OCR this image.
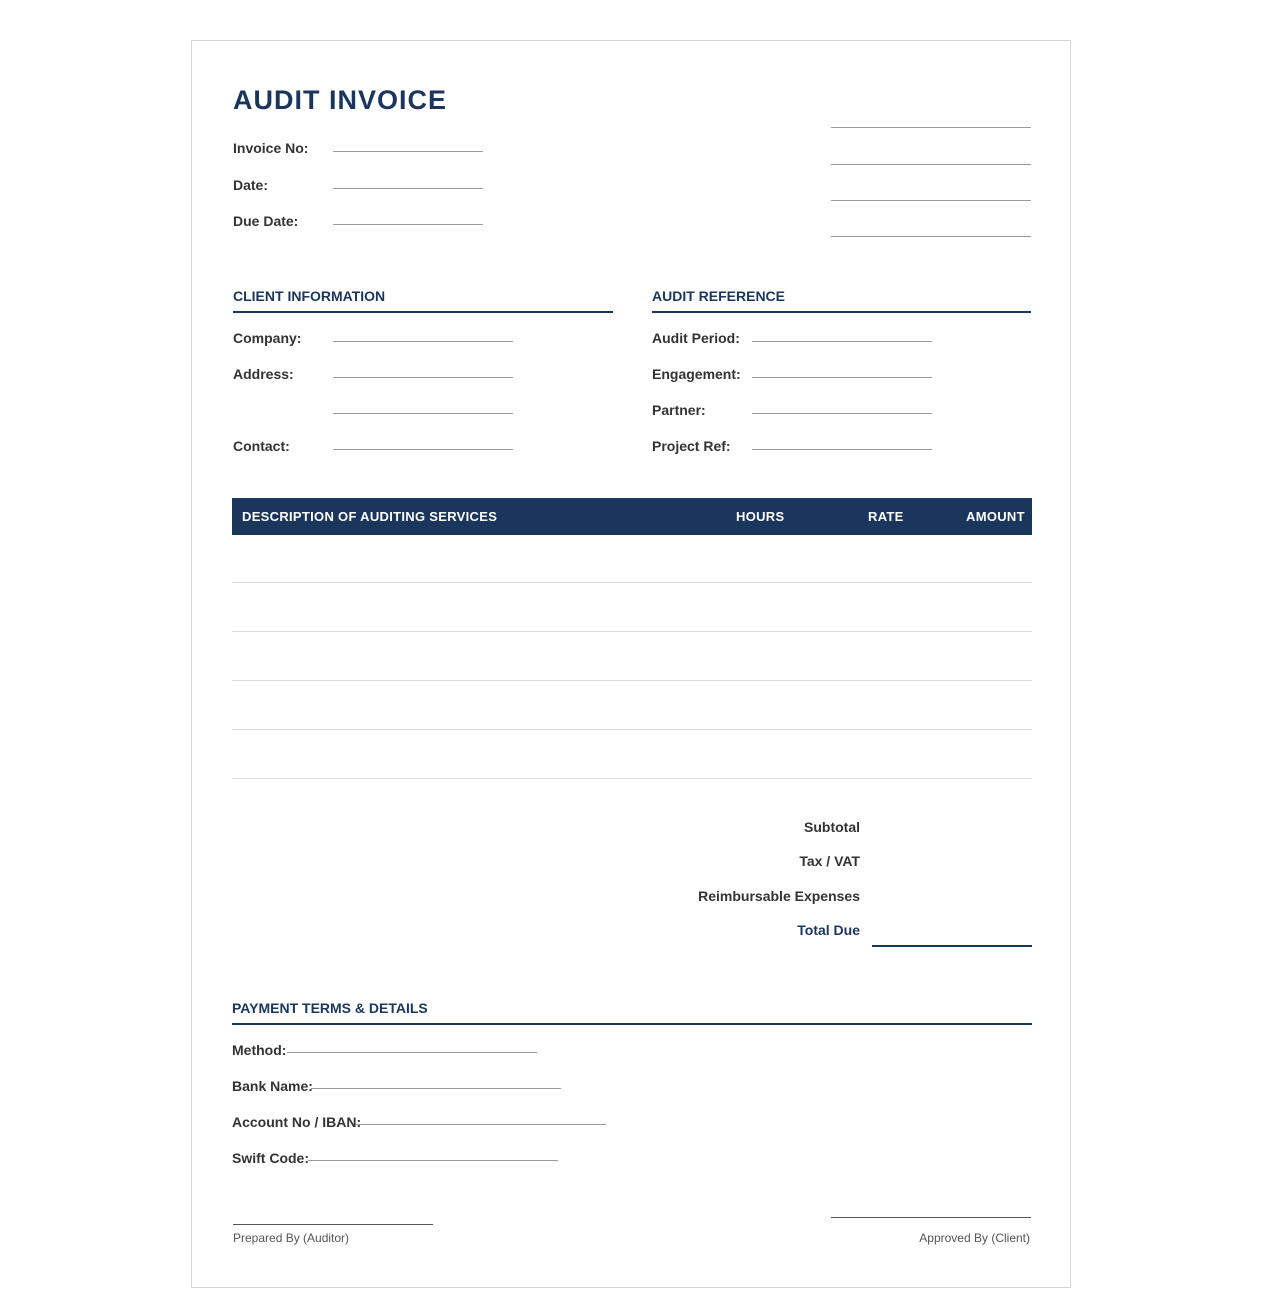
AUDIT INVOICE
Invoice No:
Date:
Due Date:
CLIENT INFORMATION
Company:
Address:
Contact:
AUDIT REFERENCE
Audit Period:
Engagement:
Partner:
Project Ref:
DESCRIPTION OF AUDITING SERVICES	HOURS	RATE	AMOUNT
Subtotal
Tax / VAT
Reimbursable Expenses
Total Due
PAYMENT TERMS & DETAILS
Method:
Bank Name:
Account No / IBAN:
Swift Code:
Prepared By (Auditor)	Approved By (Client)
